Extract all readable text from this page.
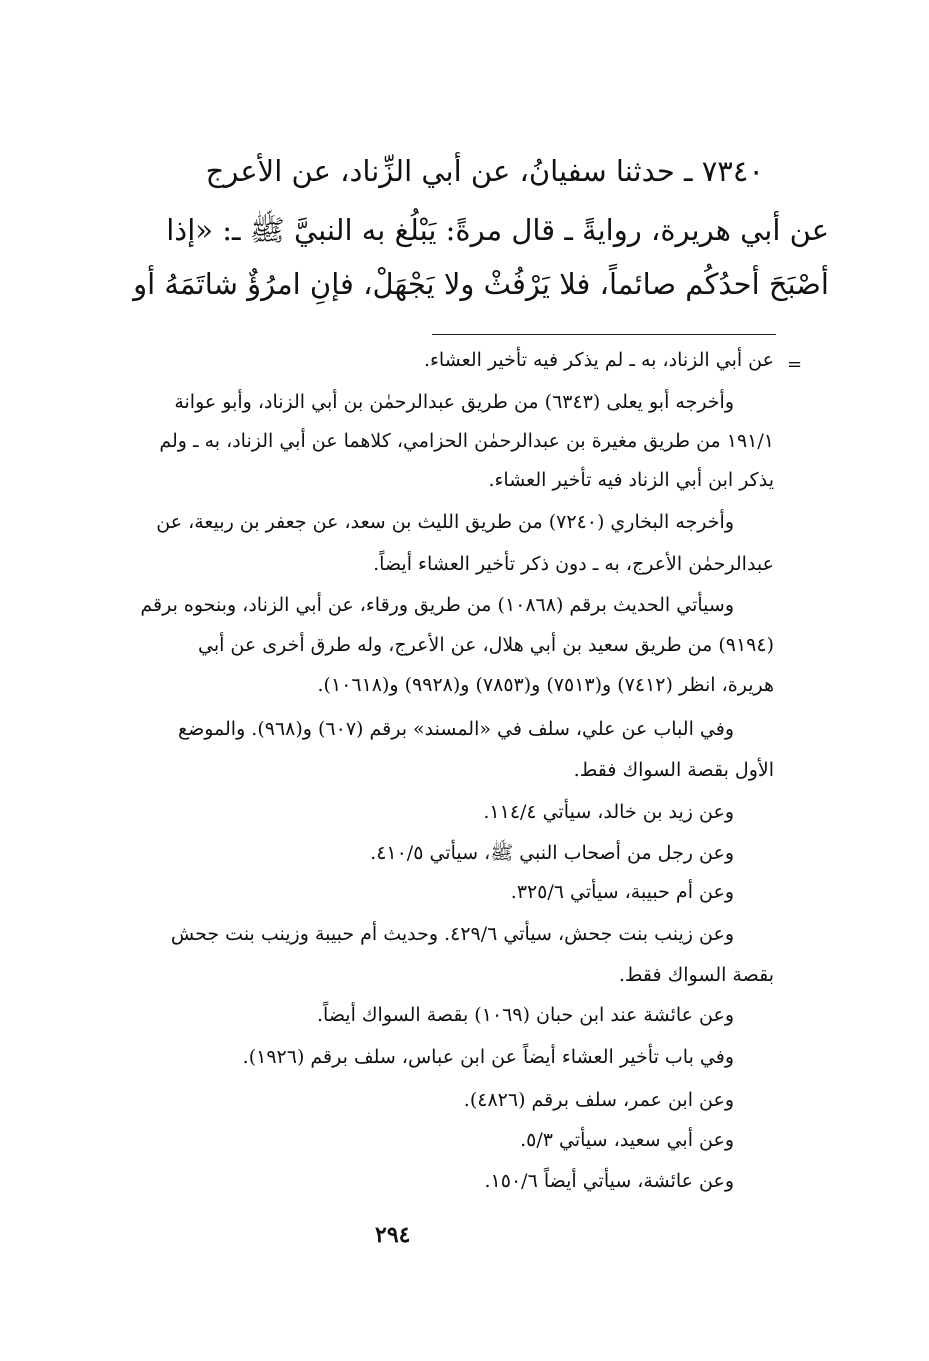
٧٣٤٠ ـ حدثنا سفيانُ، عن أبي الزِّناد، عن الأعرج
عن أبي هريرة، روايةً ـ قال مرةً: يَبْلُغ به النبيَّ ﷺ ـ: «إذا
أصْبَحَ أحدُكُم صائماً، فلا يَرْفُثْ ولا يَجْهَلْ، فإنِ امرُؤٌ شاتَمَهُ أو
=
عن أبي الزناد، به ـ لم يذكر فيه تأخير العشاء.
وأخرجه أبو يعلى (٦٣٤٣) من طريق عبدالرحمٰن بن أبي الزناد، وأبو عوانة
١٩١/١ من طريق مغيرة بن عبدالرحمٰن الحزامي، كلاهما عن أبي الزناد، به ـ ولم
يذكر ابن أبي الزناد فيه تأخير العشاء.
وأخرجه البخاري (٧٢٤٠) من طريق الليث بن سعد، عن جعفر بن ربيعة، عن
عبدالرحمٰن الأعرج، به ـ دون ذكر تأخير العشاء أيضاً.
وسيأتي الحديث برقم (١٠٨٦٨) من طريق ورقاء، عن أبي الزناد، وبنحوه برقم
(٩١٩٤) من طريق سعيد بن أبي هلال، عن الأعرج، وله طرق أخرى عن أبي
هريرة، انظر (٧٤١٢) و(٧٥١٣) و(٧٨٥٣) و(٩٩٢٨) و(١٠٦١٨).
وفي الباب عن علي، سلف في «المسند» برقم (٦٠٧) و(٩٦٨). والموضع
الأول بقصة السواك فقط.
وعن زيد بن خالد، سيأتي ١١٤/٤.
وعن رجل من أصحاب النبي ﷺ، سيأتي ٤١٠/٥.
وعن أم حبيبة، سيأتي ٣٢٥/٦.
وعن زينب بنت جحش، سيأتي ٤٢٩/٦. وحديث أم حبيبة وزينب بنت جحش
بقصة السواك فقط.
وعن عائشة عند ابن حبان (١٠٦٩) بقصة السواك أيضاً.
وفي باب تأخير العشاء أيضاً عن ابن عباس، سلف برقم (١٩٢٦).
وعن ابن عمر، سلف برقم (٤٨٢٦).
وعن أبي سعيد، سيأتي ٥/٣.
وعن عائشة، سيأتي أيضاً ١٥٠/٦.
٢٩٤
